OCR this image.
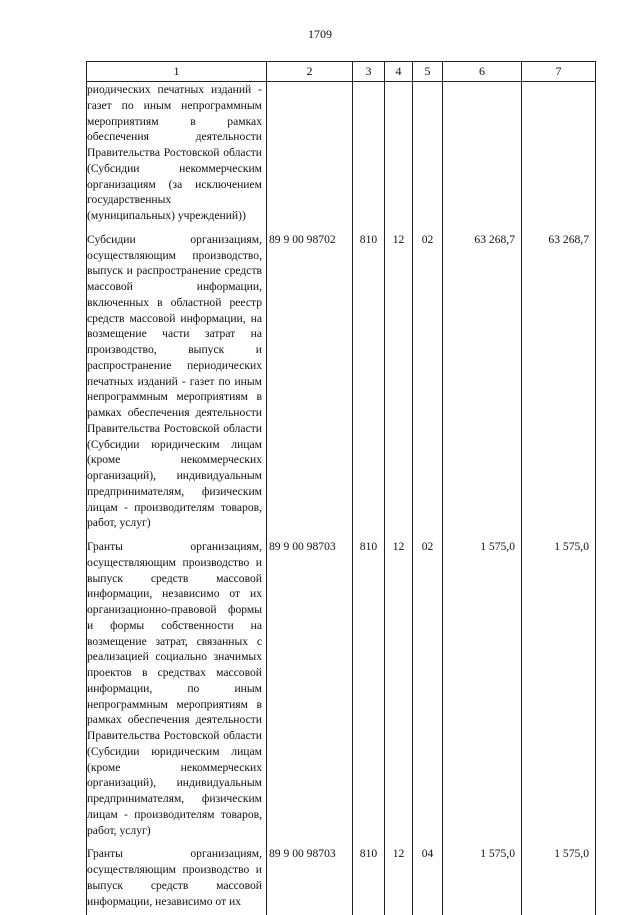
1709
1	2	3	4	5	6	7
риодических печатных изданий - газет по иным непрограммным мероприятиям в рамках обеспечения деятельности Правительства Ростовской области (Субсидии некоммерческим организациям (за исключением государственных (муниципальных) учреждений))						
Субсидии организациям, осуществляющим производство, выпуск и распространение средств массовой информации, включенных в областной реестр средств массовой информации, на возмещение части затрат на производство, выпуск и распространение периодических печатных изданий - газет по иным непрограммным мероприятиям в рамках обеспечения деятельности Правительства Ростовской области (Субсидии юридическим лицам (кроме некоммерческих организаций), индивидуальным предпринимателям, физическим лицам - производителям товаров, работ, услуг)	89 9 00 98702	810	12	02	63 268,7	63 268,7
Гранты организациям, осуществляющим производство и выпуск средств массовой информации, независимо от их организационно-правовой формы и формы собственности на возмещение затрат, связанных с реализацией социально значимых проектов в средствах массовой информации, по иным непрограммным мероприятиям в рамках обеспечения деятельности Правительства Ростовской области (Субсидии юридическим лицам (кроме некоммерческих организаций), индивидуальным предпринимателям, физическим лицам - производителям товаров, работ, услуг)	89 9 00 98703	810	12	02	1 575,0	1 575,0
Гранты организациям, осуществляющим производство и выпуск средств массовой информации, независимо от их	89 9 00 98703	810	12	04	1 575,0	1 575,0
